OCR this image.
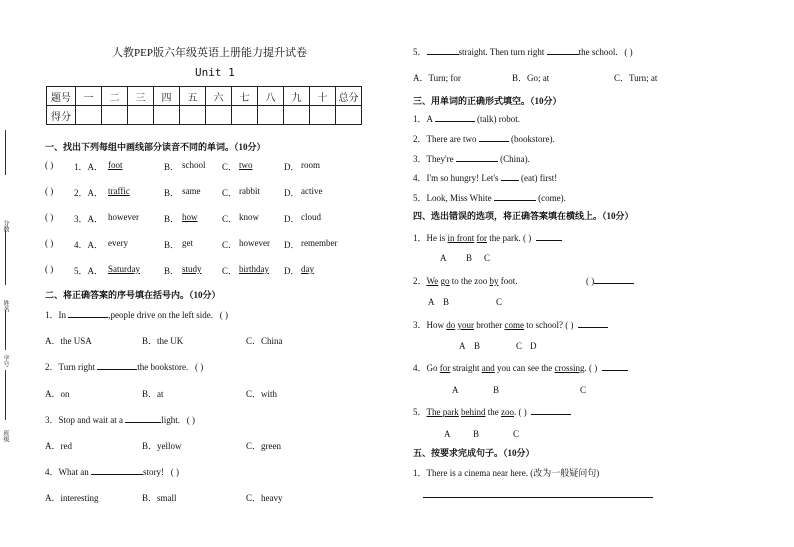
分数
姓名
学号
班级
人教PEP版六年级英语上册能力提升试卷
Unit 1
题号	一	二	三	四	五	六	七	八	九	十	总分
得分											
一、找出下列每组中画线部分读音不同的单词。（10分）
( ) 1．A． foot	B． school C． two	D． room
( ) 2．A． traffic	B． same C． rabbit	D． active
( ) 3．A． however	B． how	C． know	D． cloud
( ) 4．A． every	B． get	C． however D． remember
( ) 5．A． Saturday	B． study C． birthday D． day
二、将正确答案的序号填在括号内。（10分）
1．In	,people drive on the left side. ( )
A．the USA	B．the UK	C．China
2．Turn right	the bookstore. ( )
A．on	B．at	C．with
3．Stop and wait at a	light. ( )
A．red	B．yellow	C．green
4．What an	story! ( )
A．interesting	B．small	C．heavy
5．	straight. Then turn right	the school. ( )
A．Turn; for	B．Go; at	C．Turn; at
三、用单词的正确形式填空。（10分）
1．A	(talk) robot.
2．There are two	(bookstore).
3．They're	(China).
4．I'm so hungry! Let's  (eat) first!
5．Look, Miss White	(come).
四、选出错误的选项，将正确答案填在横线上。（10分）
1．He is in front for the park. ( )
A B C
2．We go to the zoo by foot.	( )
A B	C
3．How do your brother come to school? ( )
A B	C D
4．Go for straight and you can see the crossing. ( )
A	B	C
5．The park behind the zoo. ( )
A	B	C
五、按要求完成句子。（10分）
1．There is a cinema near here. (改为一般疑问句)
